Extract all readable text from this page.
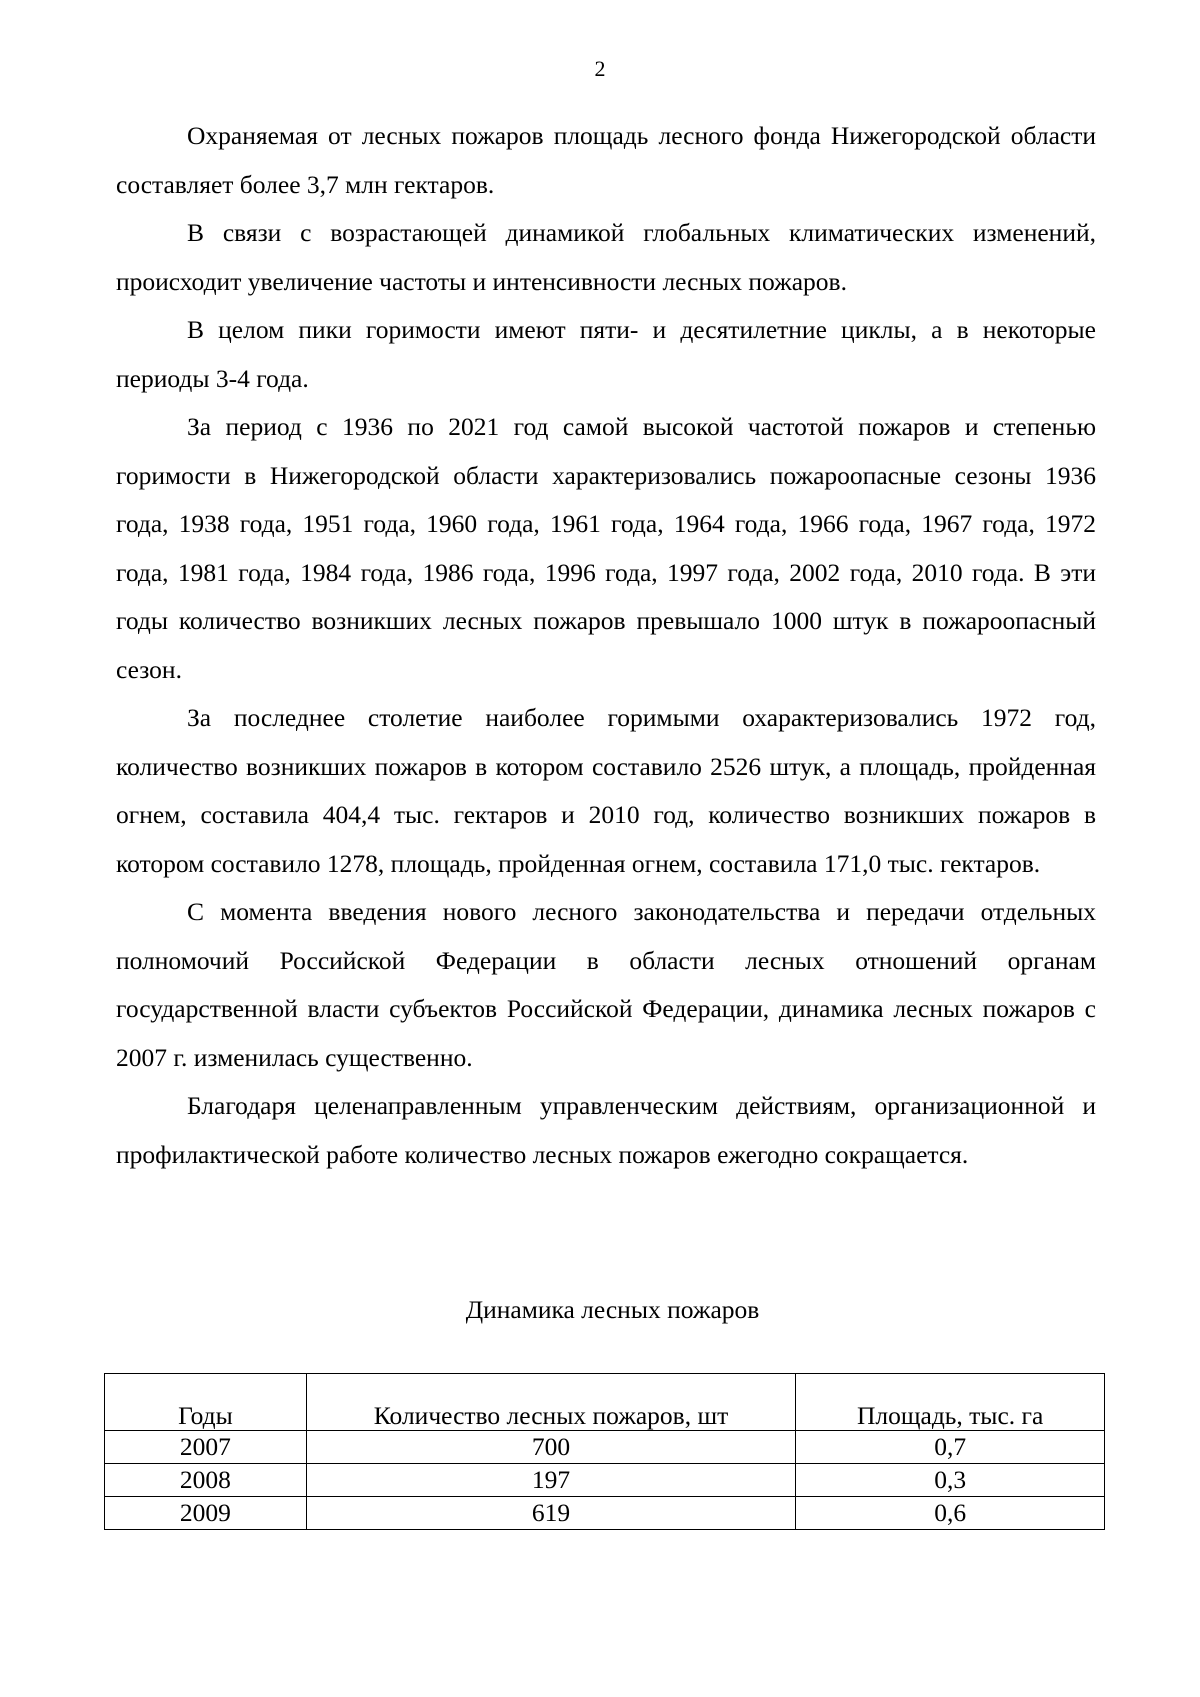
2

Охраняемая от лесных пожаров площадь лесного фонда Нижегородской области составляет более 3,7 млн гектаров.

В связи с возрастающей динамикой глобальных климатических изменений, происходит увеличение частоты и интенсивности лесных пожаров.

В целом пики горимости имеют пяти- и десятилетние циклы, а в некоторые периоды 3-4 года.

За период с 1936 по 2021 год самой высокой частотой пожаров и степенью горимости в Нижегородской области характеризовались пожароопасные сезоны 1936 года, 1938 года, 1951 года, 1960 года, 1961 года, 1964 года, 1966 года, 1967 года, 1972 года, 1981 года, 1984 года, 1986 года, 1996 года, 1997 года, 2002 года, 2010 года. В эти годы количество возникших лесных пожаров превышало 1000 штук в пожароопасный сезон.

За последнее столетие наиболее горимыми охарактеризовались 1972 год, количество возникших пожаров в котором составило 2526 штук, а площадь, пройденная огнем, составила 404,4 тыс. гектаров и 2010 год, количество возникших пожаров в котором составило 1278, площадь, пройденная огнем, составила 171,0 тыс. гектаров.

С момента введения нового лесного законодательства и передачи отдельных полномочий Российской Федерации в области лесных отношений органам государственной власти субъектов Российской Федерации, динамика лесных пожаров с 2007 г. изменилась существенно.

Благодаря целенаправленным управленческим действиям, организационной и профилактической работе количество лесных пожаров ежегодно сокращается.

Динамика лесных пожаров
Годы	Количество лесных пожаров, шт	Площадь, тыс. га
2007	700	0,7
2008	197	0,3
2009	619	0,6
